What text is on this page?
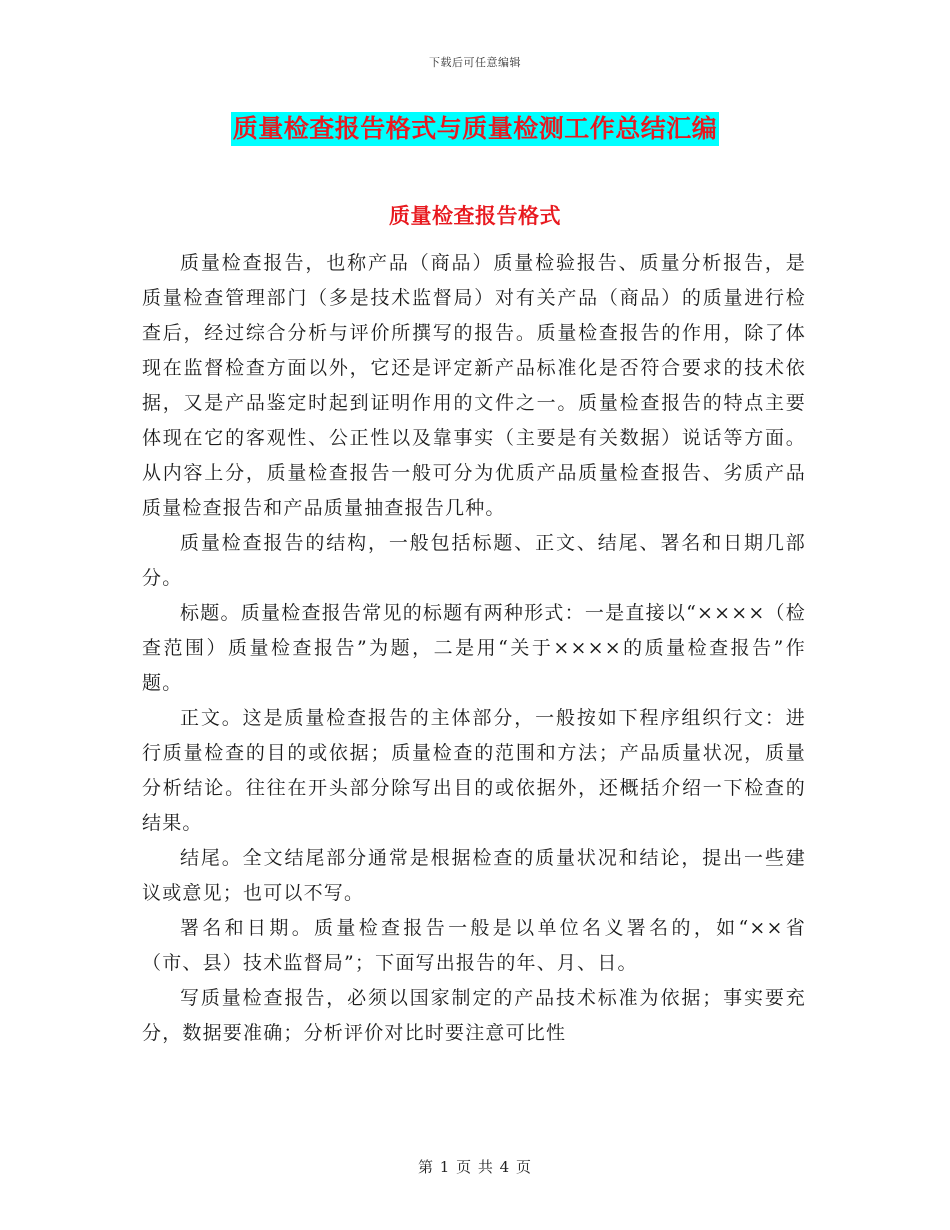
下载后可任意编辑
质量检查报告格式与质量检测工作总结汇编
质量检查报告格式

质量检查报告，也称产品（商品）质量检验报告、质量分析报告，是质量检查管理部门（多是技术监督局）对有关产品（商品）的质量进行检查后，经过综合分析与评价所撰写的报告。质量检查报告的作用，除了体现在监督检查方面以外，它还是评定新产品标准化是否符合要求的技术依据，又是产品鉴定时起到证明作用的文件之一。质量检查报告的特点主要体现在它的客观性、公正性以及靠事实（主要是有关数据）说话等方面。从内容上分，质量检查报告一般可分为优质产品质量检查报告、劣质产品质量检查报告和产品质量抽查报告几种。

质量检查报告的结构，一般包括标题、正文、结尾、署名和日期几部分。

标题。质量检查报告常见的标题有两种形式：一是直接以“××××（检查范围）质量检查报告”为题，二是用“关于××××的质量检查报告”作题。

正文。这是质量检查报告的主体部分，一般按如下程序组织行文：进行质量检查的目的或依据；质量检查的范围和方法；产品质量状况，质量分析结论。往往在开头部分除写出目的或依据外，还概括介绍一下检查的结果。

结尾。全文结尾部分通常是根据检查的质量状况和结论，提出一些建议或意见；也可以不写。

署名和日期。质量检查报告一般是以单位名义署名的，如“××省（市、县）技术监督局”；下面写出报告的年、月、日。

写质量检查报告，必须以国家制定的产品技术标准为依据；事实要充分，数据要准确；分析评价对比时要注意可比性

第 1 页 共 4 页
